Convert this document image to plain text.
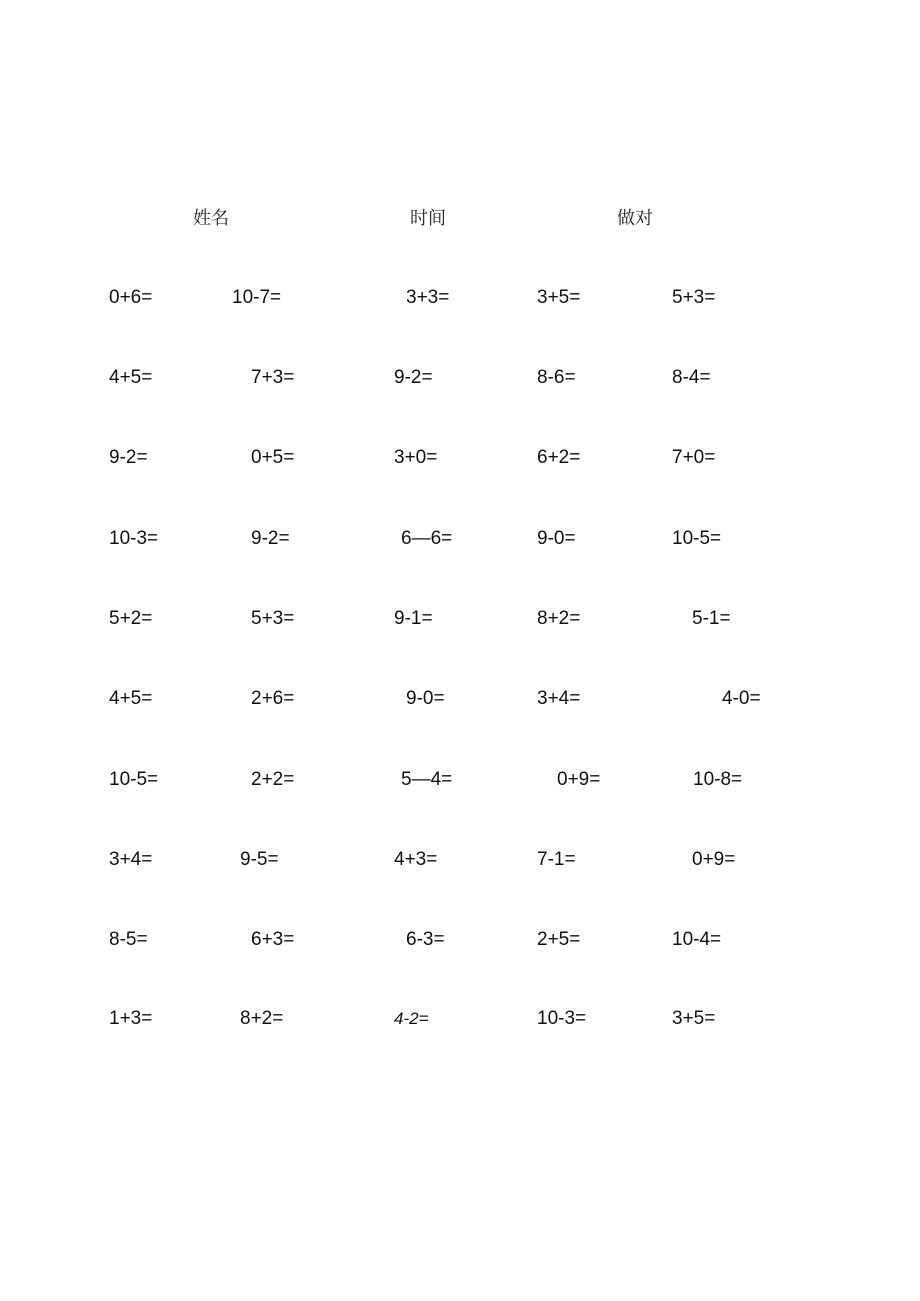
姓名	时间	做对
0+6=	10-7=	3+3=	3+5=	5+3=
4+5=	7+3=	9-2=	8-6=	8-4=
9-2=	0+5=	3+0=	6+2=	7+0=
10-3=	9-2=	6—6=	9-0=	10-5=
5+2=	5+3=	9-1=	8+2=	5-1=
4+5=	2+6=	9-0=	3+4=	4-0=
10-5=	2+2=	5—4=	0+9=	10-8=
3+4=	9-5=	4+3=	7-1=	0+9=
8-5=	6+3=	6-3=	2+5=	10-4=
1+3=	8+2=	4-2=	10-3=	3+5=
